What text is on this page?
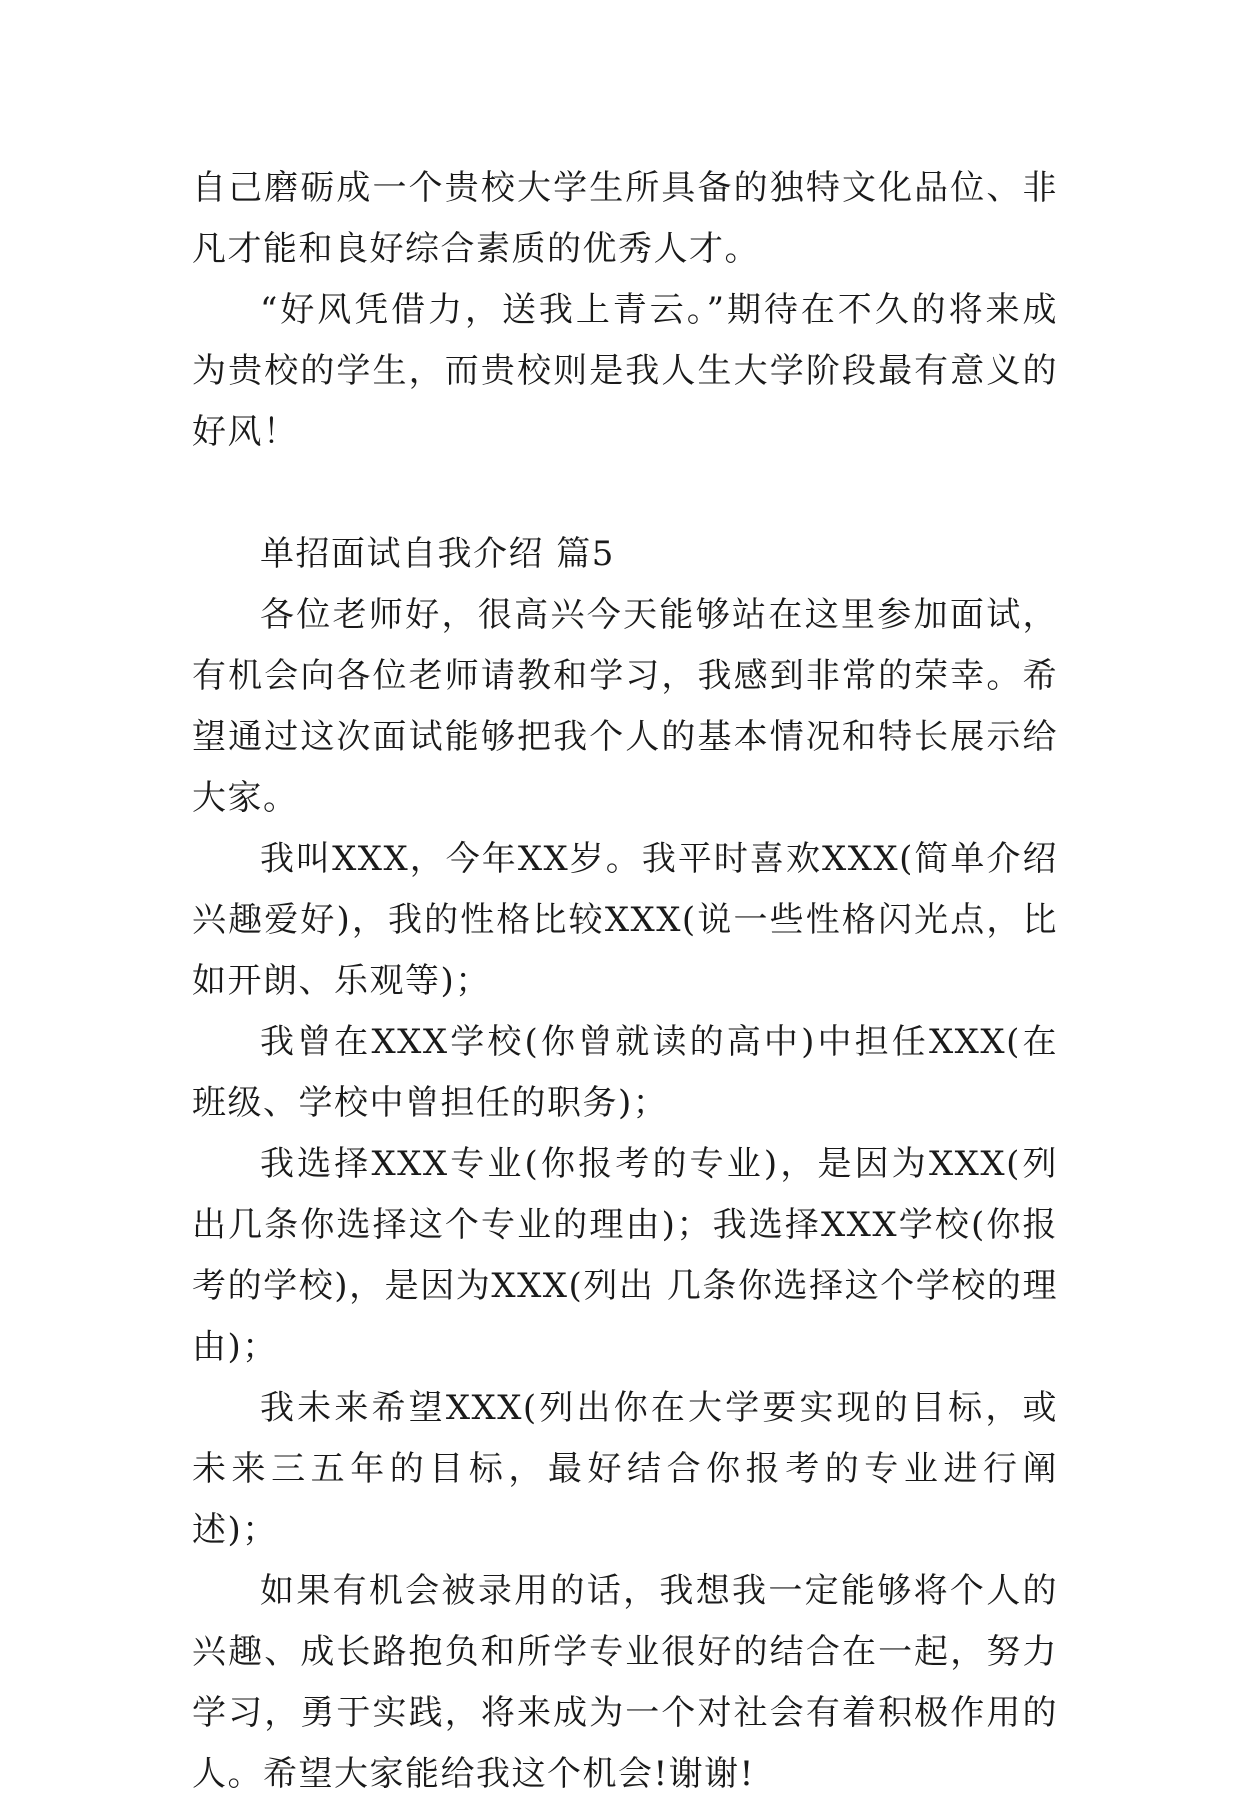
自己磨砺成一个贵校大学生所具备的独特文化品位、非凡才能和良好综合素质的优秀人才。

“好风凭借力，送我上青云。”期待在不久的将来成为贵校的学生，而贵校则是我人生大学阶段最有意义的好风！

单招面试自我介绍 篇5

各位老师好，很高兴今天能够站在这里参加面试，有机会向各位老师请教和学习，我感到非常的荣幸。希望通过这次面试能够把我个人的基本情况和特长展示给大家。

我叫XXX，今年XX岁。我平时喜欢XXX(简单介绍兴趣爱好)，我的性格比较XXX(说一些性格闪光点，比如开朗、乐观等)；

我曾在XXX学校(你曾就读的高中)中担任XXX(在班级、学校中曾担任的职务)；

我选择XXX专业(你报考的专业)，是因为XXX(列出几条你选择这个专业的理由)；我选择XXX学校(你报考的学校)，是因为XXX(列出 几条你选择这个学校的理由)；

我未来希望XXX(列出你在大学要实现的目标，或未来三五年的目标，最好结合你报考的专业进行阐述)；

如果有机会被录用的话，我想我一定能够将个人的兴趣、成长路抱负和所学专业很好的结合在一起，努力学习，勇于实践，将来成为一个对社会有着积极作用的人。希望大家能给我这个机会!谢谢!
